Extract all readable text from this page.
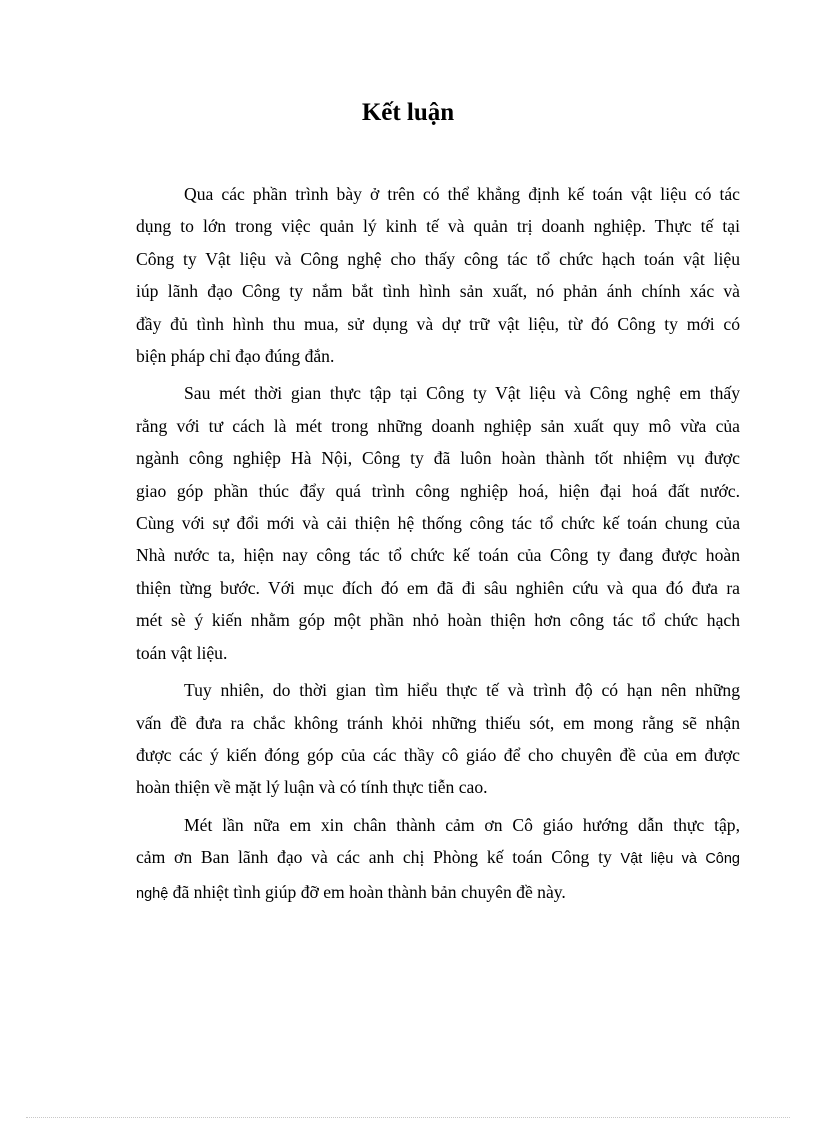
Kết luận

Qua các phần trình bày ở trên có thể khẳng định kế toán vật liệu có tác
dụng to lớn trong việc quản lý kinh tế và quản trị doanh nghiệp. Thực tế tại
Công ty Vật liệu và Công nghệ cho thấy công tác tổ chức hạch toán vật liệu
iúp lãnh đạo Công ty nắm bắt tình hình sản xuất, nó phản ánh chính xác và
đầy đủ tình hình thu mua, sử dụng và dự trữ vật liệu, từ đó Công ty mới có
biện pháp chỉ đạo đúng đắn.

Sau mét thời gian thực tập tại Công ty Vật liệu và Công nghệ em thấy
rằng với tư cách là mét trong những doanh nghiệp sản xuất quy mô vừa của
ngành công nghiệp Hà Nội, Công ty đã luôn hoàn thành tốt nhiệm vụ được
giao góp phần thúc đẩy quá trình công nghiệp hoá, hiện đại hoá đất nước.
Cùng với sự đổi mới và cải thiện hệ thống công tác tổ chức kế toán chung của
Nhà nước ta, hiện nay công tác tổ chức kế toán của Công ty đang được hoàn
thiện từng bước. Với mục đích đó em đã đi sâu nghiên cứu và qua đó đưa ra
mét sè ý kiến nhằm góp một phần nhỏ hoàn thiện hơn công tác tổ chức hạch
toán vật liệu.

Tuy nhiên, do thời gian tìm hiểu thực tế và trình độ có hạn nên những
vấn đề đưa ra chắc không tránh khỏi những thiếu sót, em mong rằng sẽ nhận
được các ý kiến đóng góp của các thầy cô giáo để cho chuyên đề của em được
hoàn thiện về mặt lý luận và có tính thực tiễn cao.

Mét lần nữa em xin chân thành cảm ơn Cô giáo hướng dẫn thực tập,
cảm ơn Ban lãnh đạo và các anh chị Phòng kế toán Công ty Vật liệu và Công
nghệ đã nhiệt tình giúp đỡ em hoàn thành bản chuyên đề này.
